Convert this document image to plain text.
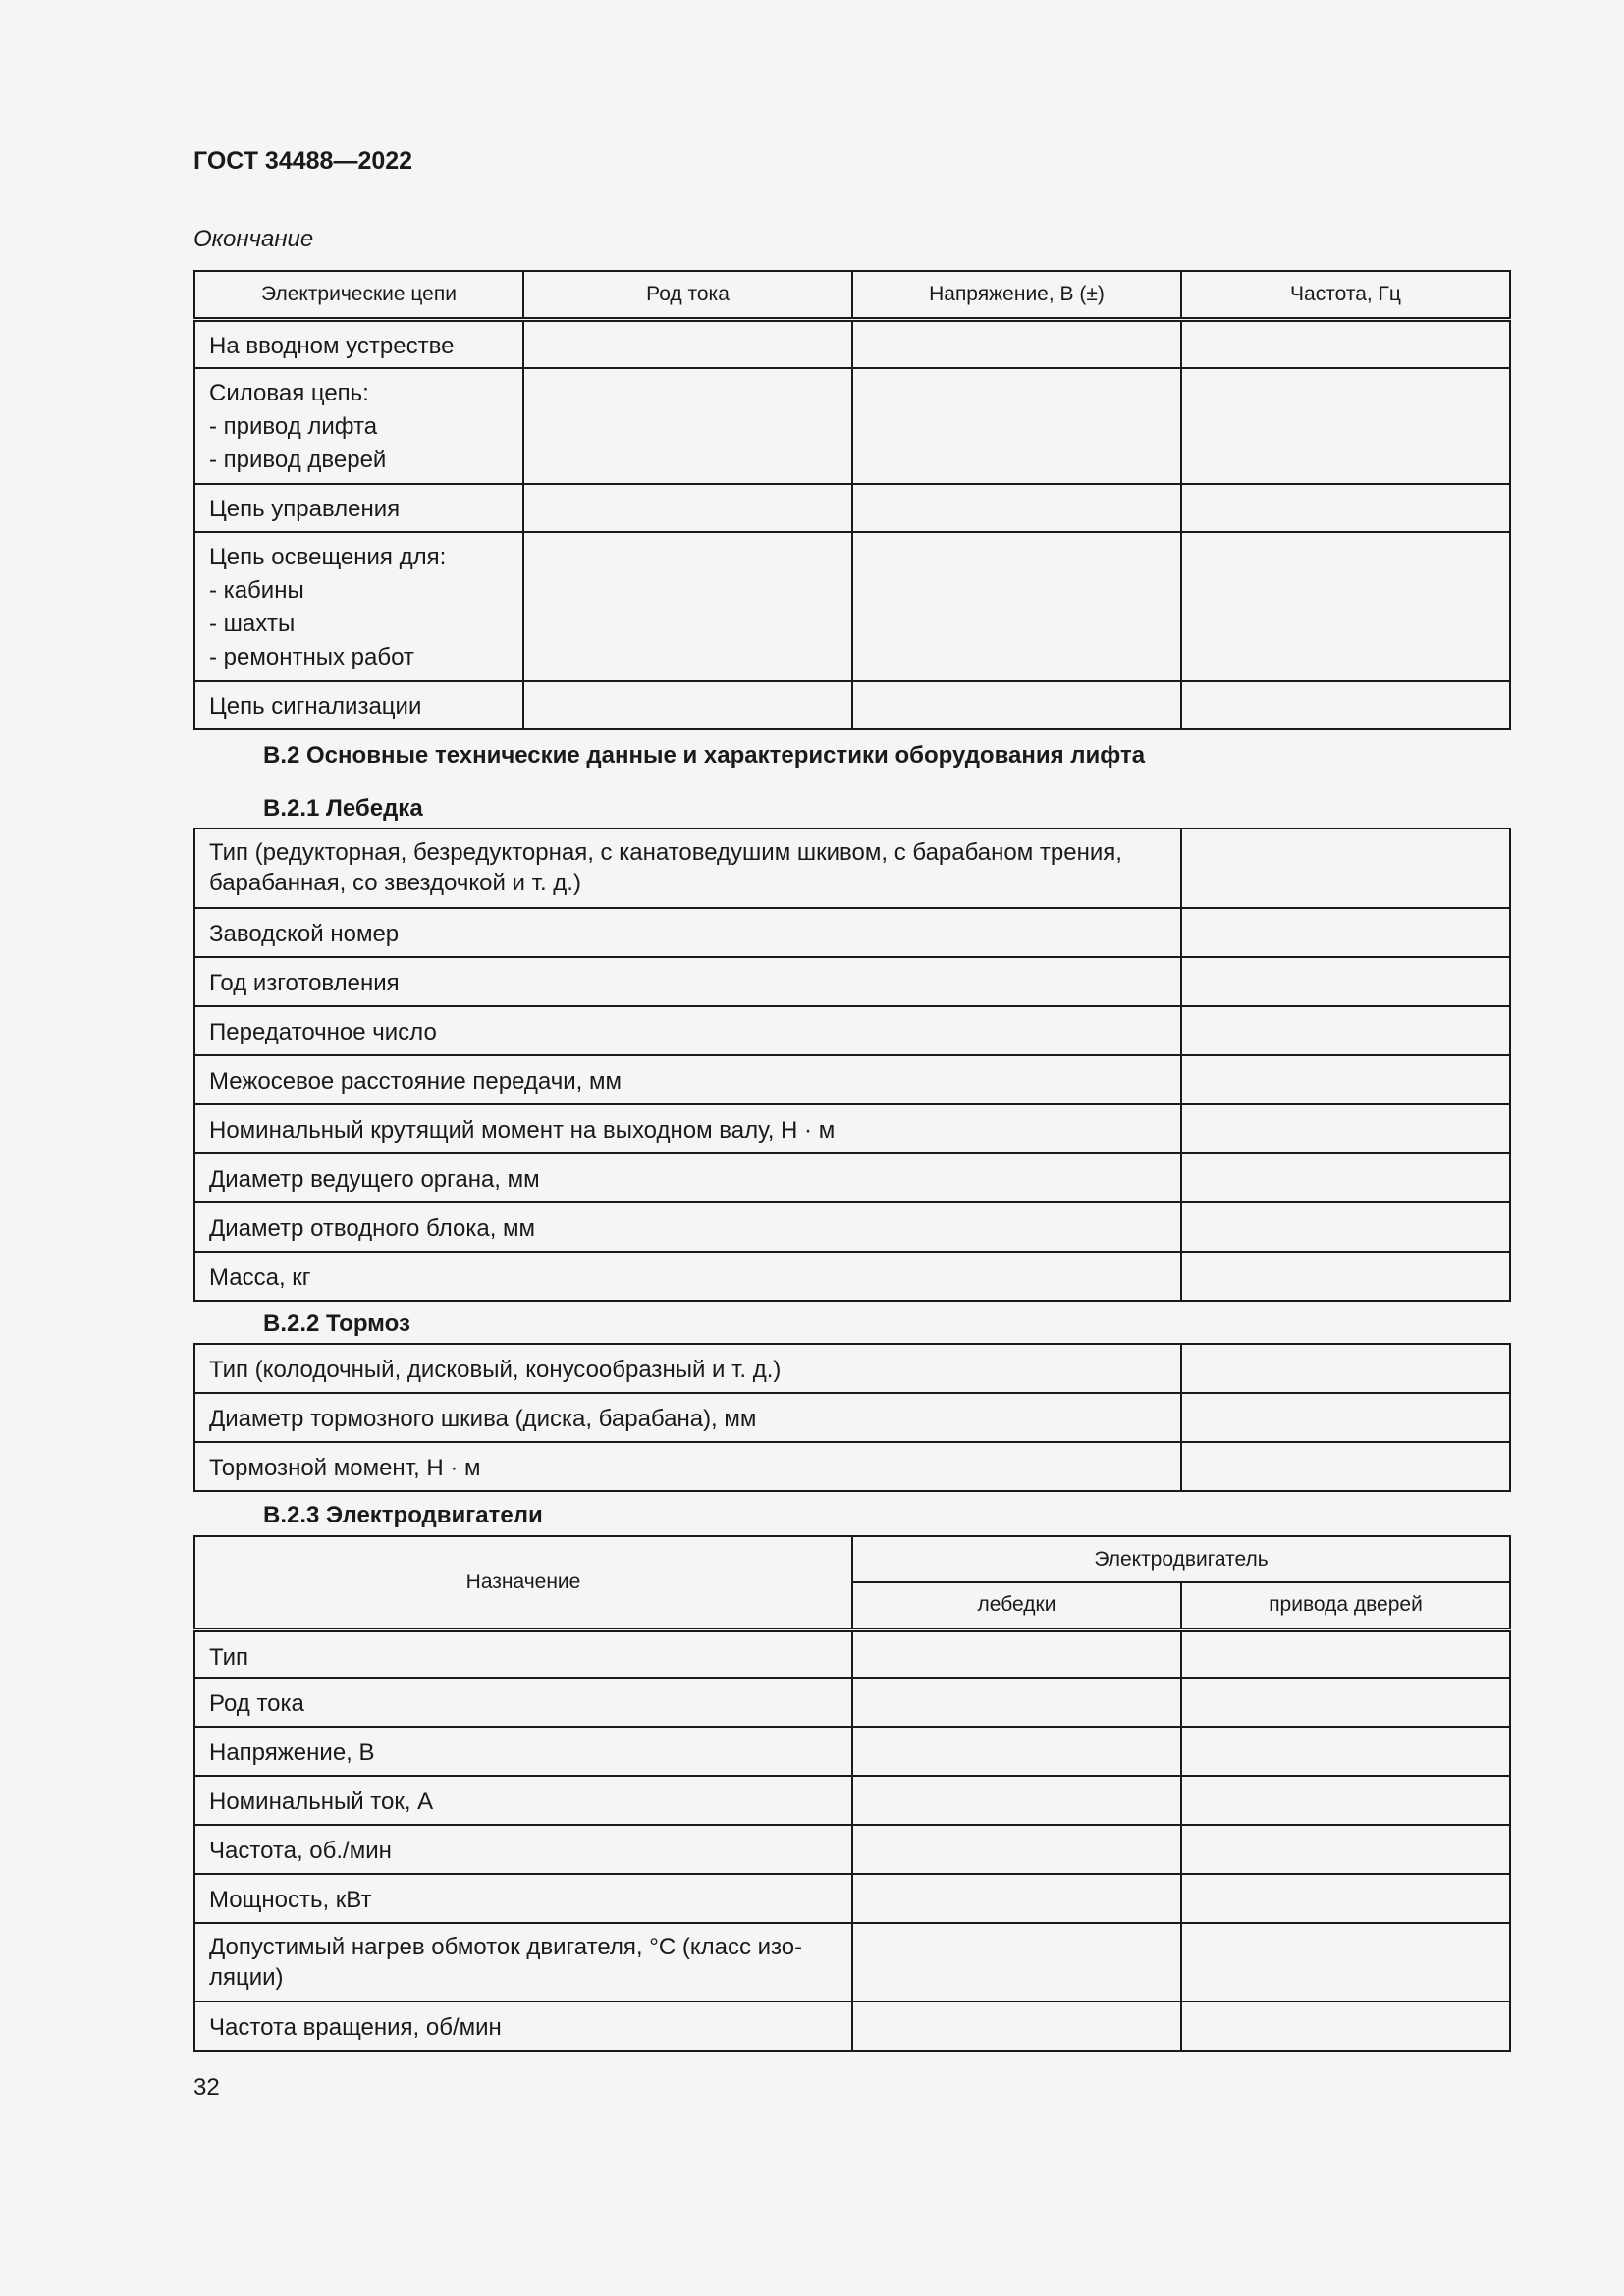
ГОСТ 34488—2022
Окончание
Электрические цепи	Род тока	Напряжение, В (±)	Частота, Гц

На вводном устрестве			

Силовая цепь:
- привод лифта
- привод дверей			

Цепь управления			

Цепь освещения для:
- кабины
- шахты
- ремонтных работ			

Цепь сигнализации			

В.2 Основные технические данные и характеристики оборудования лифта
В.2.1 Лебедка
Тип (редукторная, безредукторная, с канатоведушим шкивом, с барабаном трения,
барабанная, со звездочкой и т. д.)	

Заводской номер	

Год изготовления	

Передаточное число	

Межосевое расстояние передачи, мм	

Номинальный крутящий момент на выходном валу, Н · м	

Диаметр ведущего органа, мм	

Диаметр отводного блока, мм	

Масса, кг	

В.2.2 Тормоз
Тип (колодочный, дисковый, конусообразный и т. д.)	

Диаметр тормозного шкива (диска, барабана), мм	

Тормозной момент, Н · м	

В.2.3 Электродвигатели
Назначение	Электродвигатель	
	лебедки	привода дверей

Тип		

Род тока		

Напряжение, В		

Номинальный ток, А		

Частота, об./мин		

Мощность, кВт		

Допустимый нагрев обмоток двигателя, °С (класс изо-
ляции)		

Частота вращения, об/мин		

32
